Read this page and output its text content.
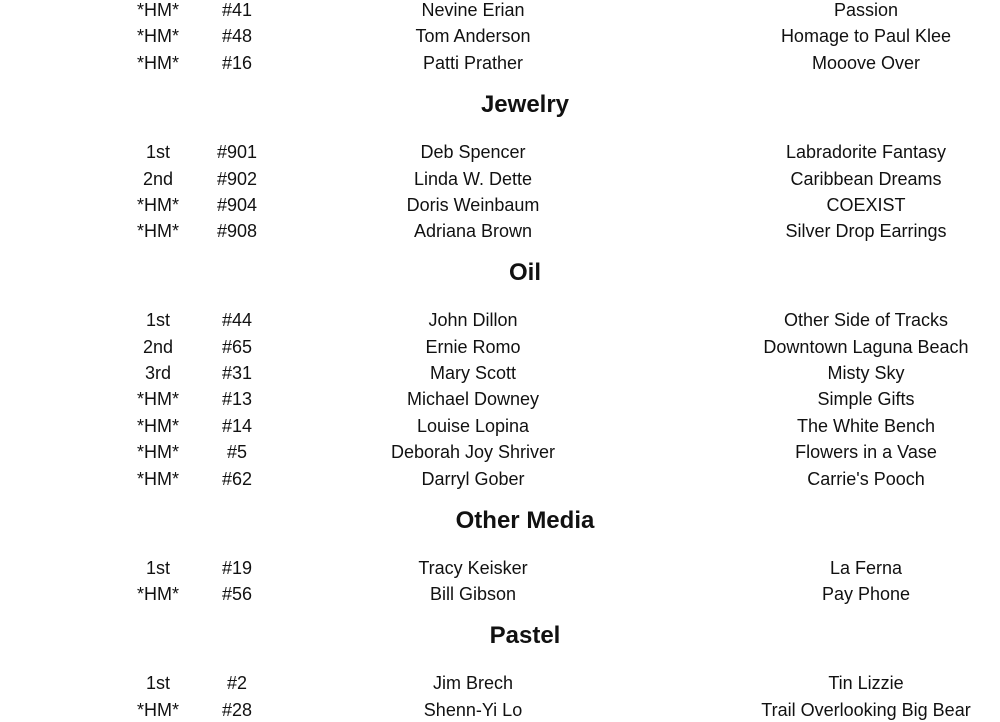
*HM*	#41	Nevine Erian	Passion
*HM*	#48	Tom Anderson	Homage to Paul Klee
*HM*	#16	Patti Prather	Mooove Over
Jewelry
1st	#901	Deb Spencer	Labradorite Fantasy
2nd	#902	Linda W. Dette	Caribbean Dreams
*HM*	#904	Doris Weinbaum	COEXIST
*HM*	#908	Adriana Brown	Silver Drop Earrings
Oil
1st	#44	John Dillon	Other Side of Tracks
2nd	#65	Ernie Romo	Downtown Laguna Beach
3rd	#31	Mary Scott	Misty Sky
*HM*	#13	Michael Downey	Simple Gifts
*HM*	#14	Louise Lopina	The White Bench
*HM*	#5	Deborah Joy Shriver	Flowers in a Vase
*HM*	#62	Darryl Gober	Carrie's Pooch
Other Media
1st	#19	Tracy Keisker	La Ferna
*HM*	#56	Bill Gibson	Pay Phone
Pastel
1st	#2	Jim Brech	Tin Lizzie
*HM*	#28	Shenn-Yi Lo	Trail Overlooking Big Bear
